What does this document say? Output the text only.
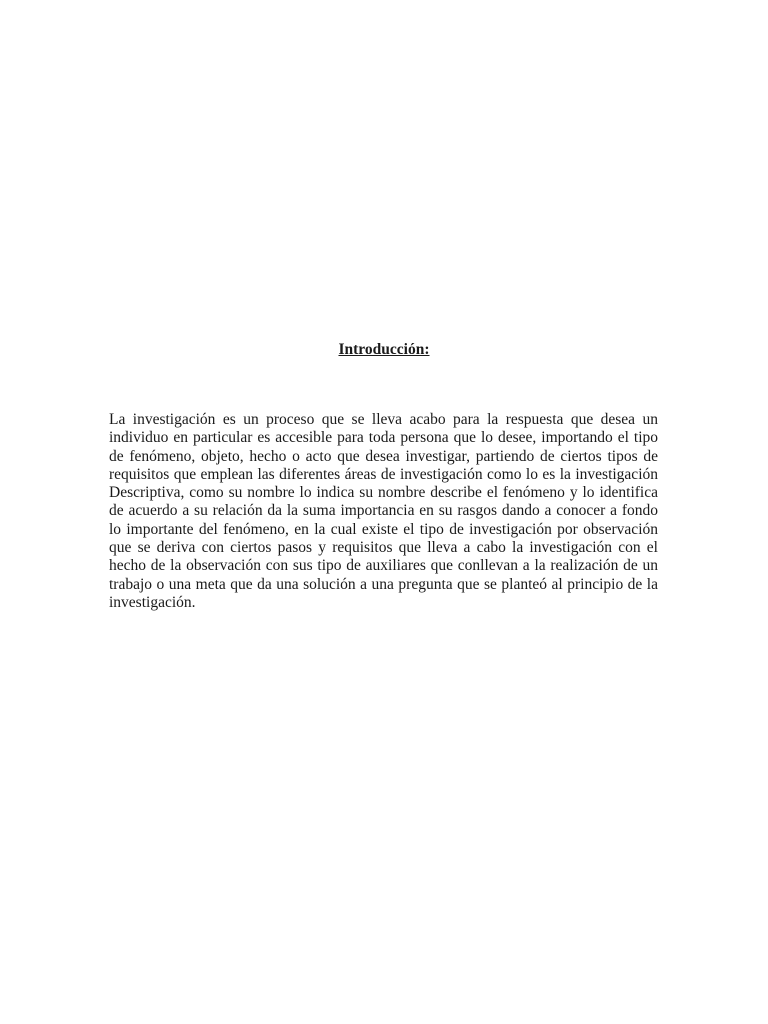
Introducción:
La investigación es un proceso que se lleva acabo para la respuesta que desea un
individuo en particular es accesible para toda persona que lo desee, importando el tipo
de fenómeno, objeto, hecho o acto que desea investigar, partiendo de ciertos tipos de
requisitos que emplean las diferentes áreas de investigación como lo es la investigación
Descriptiva, como su nombre lo indica su nombre describe el fenómeno y lo identifica
de acuerdo a su relación da la suma importancia en su rasgos dando a conocer a fondo
lo importante del fenómeno, en la cual existe el tipo de investigación por observación
que se deriva con ciertos pasos y requisitos que lleva a cabo la investigación con el
hecho de la observación con sus tipo de auxiliares que conllevan a la realización de un
trabajo o una meta que da una solución a una pregunta que se planteó al principio de la
investigación.
